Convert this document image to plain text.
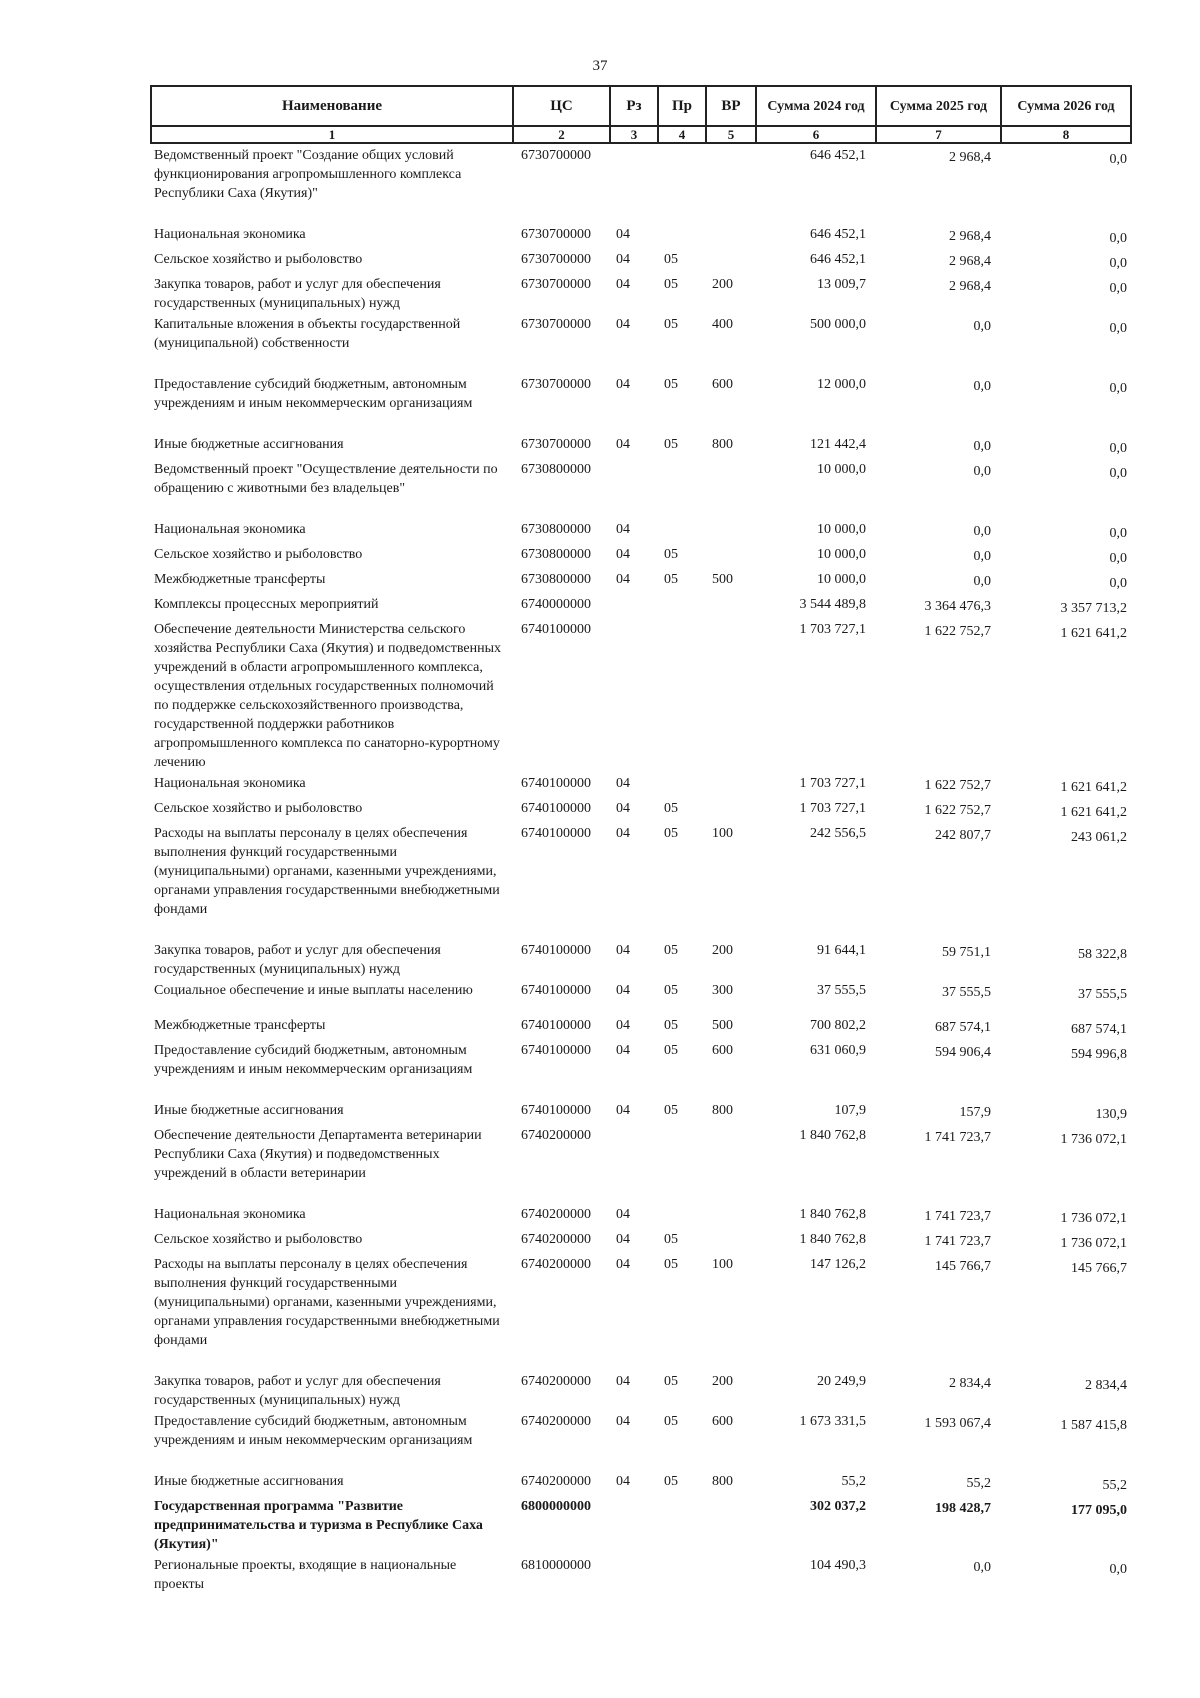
37
Наименование	ЦС	Рз	Пр	ВР	Сумма 2024 год	Сумма 2025 год	Сумма 2026 год
1	2	3	4	5	6	7	8
Ведомственный проект "Создание общих условий функционирования агропромышленного комплекса Республики Саха (Якутия)"	6730700000				646 452,1	2 968,4	0,0

Национальная экономика	6730700000	04			646 452,1	2 968,4	0,0
Сельское хозяйство и рыболовство	6730700000	04	05		646 452,1	2 968,4	0,0
Закупка товаров, работ и услуг для обеспечения государственных (муниципальных) нужд	6730700000	04	05	200	13 009,7	2 968,4	0,0
Капитальные вложения в объекты государственной (муниципальной) собственности	6730700000	04	05	400	500 000,0	0,0	0,0

Предоставление субсидий бюджетным, автономным учреждениям и иным некоммерческим организациям	6730700000	04	05	600	12 000,0	0,0	0,0

Иные бюджетные ассигнования	6730700000	04	05	800	121 442,4	0,0	0,0
Ведомственный проект "Осуществление деятельности по обращению с животными без владельцев"	6730800000				10 000,0	0,0	0,0

Национальная экономика	6730800000	04			10 000,0	0,0	0,0
Сельское хозяйство и рыболовство	6730800000	04	05		10 000,0	0,0	0,0
Межбюджетные трансферты	6730800000	04	05	500	10 000,0	0,0	0,0
Комплексы процессных мероприятий	6740000000				3 544 489,8	3 364 476,3	3 357 713,2
Обеспечение деятельности Министерства сельского хозяйства Республики Саха (Якутия) и подведомственных учреждений в области агропромышленного комплекса, осуществления отдельных государственных полномочий по поддержке сельскохозяйственного производства, государственной поддержки работников агропромышленного комплекса по санаторно-курортному лечению	6740100000				1 703 727,1	1 622 752,7	1 621 641,2
Национальная экономика	6740100000	04			1 703 727,1	1 622 752,7	1 621 641,2
Сельское хозяйство и рыболовство	6740100000	04	05		1 703 727,1	1 622 752,7	1 621 641,2
Расходы на выплаты персоналу в целях обеспечения выполнения функций государственными (муниципальными) органами, казенными учреждениями, органами управления государственными внебюджетными фондами	6740100000	04	05	100	242 556,5	242 807,7	243 061,2

Закупка товаров, работ и услуг для обеспечения государственных (муниципальных) нужд	6740100000	04	05	200	91 644,1	59 751,1	58 322,8
Социальное обеспечение и иные выплаты населению	6740100000	04	05	300	37 555,5	37 555,5	37 555,5

Межбюджетные трансферты	6740100000	04	05	500	700 802,2	687 574,1	687 574,1
Предоставление субсидий бюджетным, автономным учреждениям и иным некоммерческим организациям	6740100000	04	05	600	631 060,9	594 906,4	594 996,8

Иные бюджетные ассигнования	6740100000	04	05	800	107,9	157,9	130,9
Обеспечение деятельности Департамента ветеринарии Республики Саха (Якутия) и подведомственных учреждений в области ветеринарии	6740200000				1 840 762,8	1 741 723,7	1 736 072,1

Национальная экономика	6740200000	04			1 840 762,8	1 741 723,7	1 736 072,1
Сельское хозяйство и рыболовство	6740200000	04	05		1 840 762,8	1 741 723,7	1 736 072,1
Расходы на выплаты персоналу в целях обеспечения выполнения функций государственными (муниципальными) органами, казенными учреждениями, органами управления государственными внебюджетными фондами	6740200000	04	05	100	147 126,2	145 766,7	145 766,7

Закупка товаров, работ и услуг для обеспечения государственных (муниципальных) нужд	6740200000	04	05	200	20 249,9	2 834,4	2 834,4
Предоставление субсидий бюджетным, автономным учреждениям и иным некоммерческим организациям	6740200000	04	05	600	1 673 331,5	1 593 067,4	1 587 415,8

Иные бюджетные ассигнования	6740200000	04	05	800	55,2	55,2	55,2
Государственная программа "Развитие предпринимательства и туризма в Республике Саха (Якутия)"	6800000000				302 037,2	198 428,7	177 095,0
Региональные проекты, входящие в национальные проекты	6810000000				104 490,3	0,0	0,0
